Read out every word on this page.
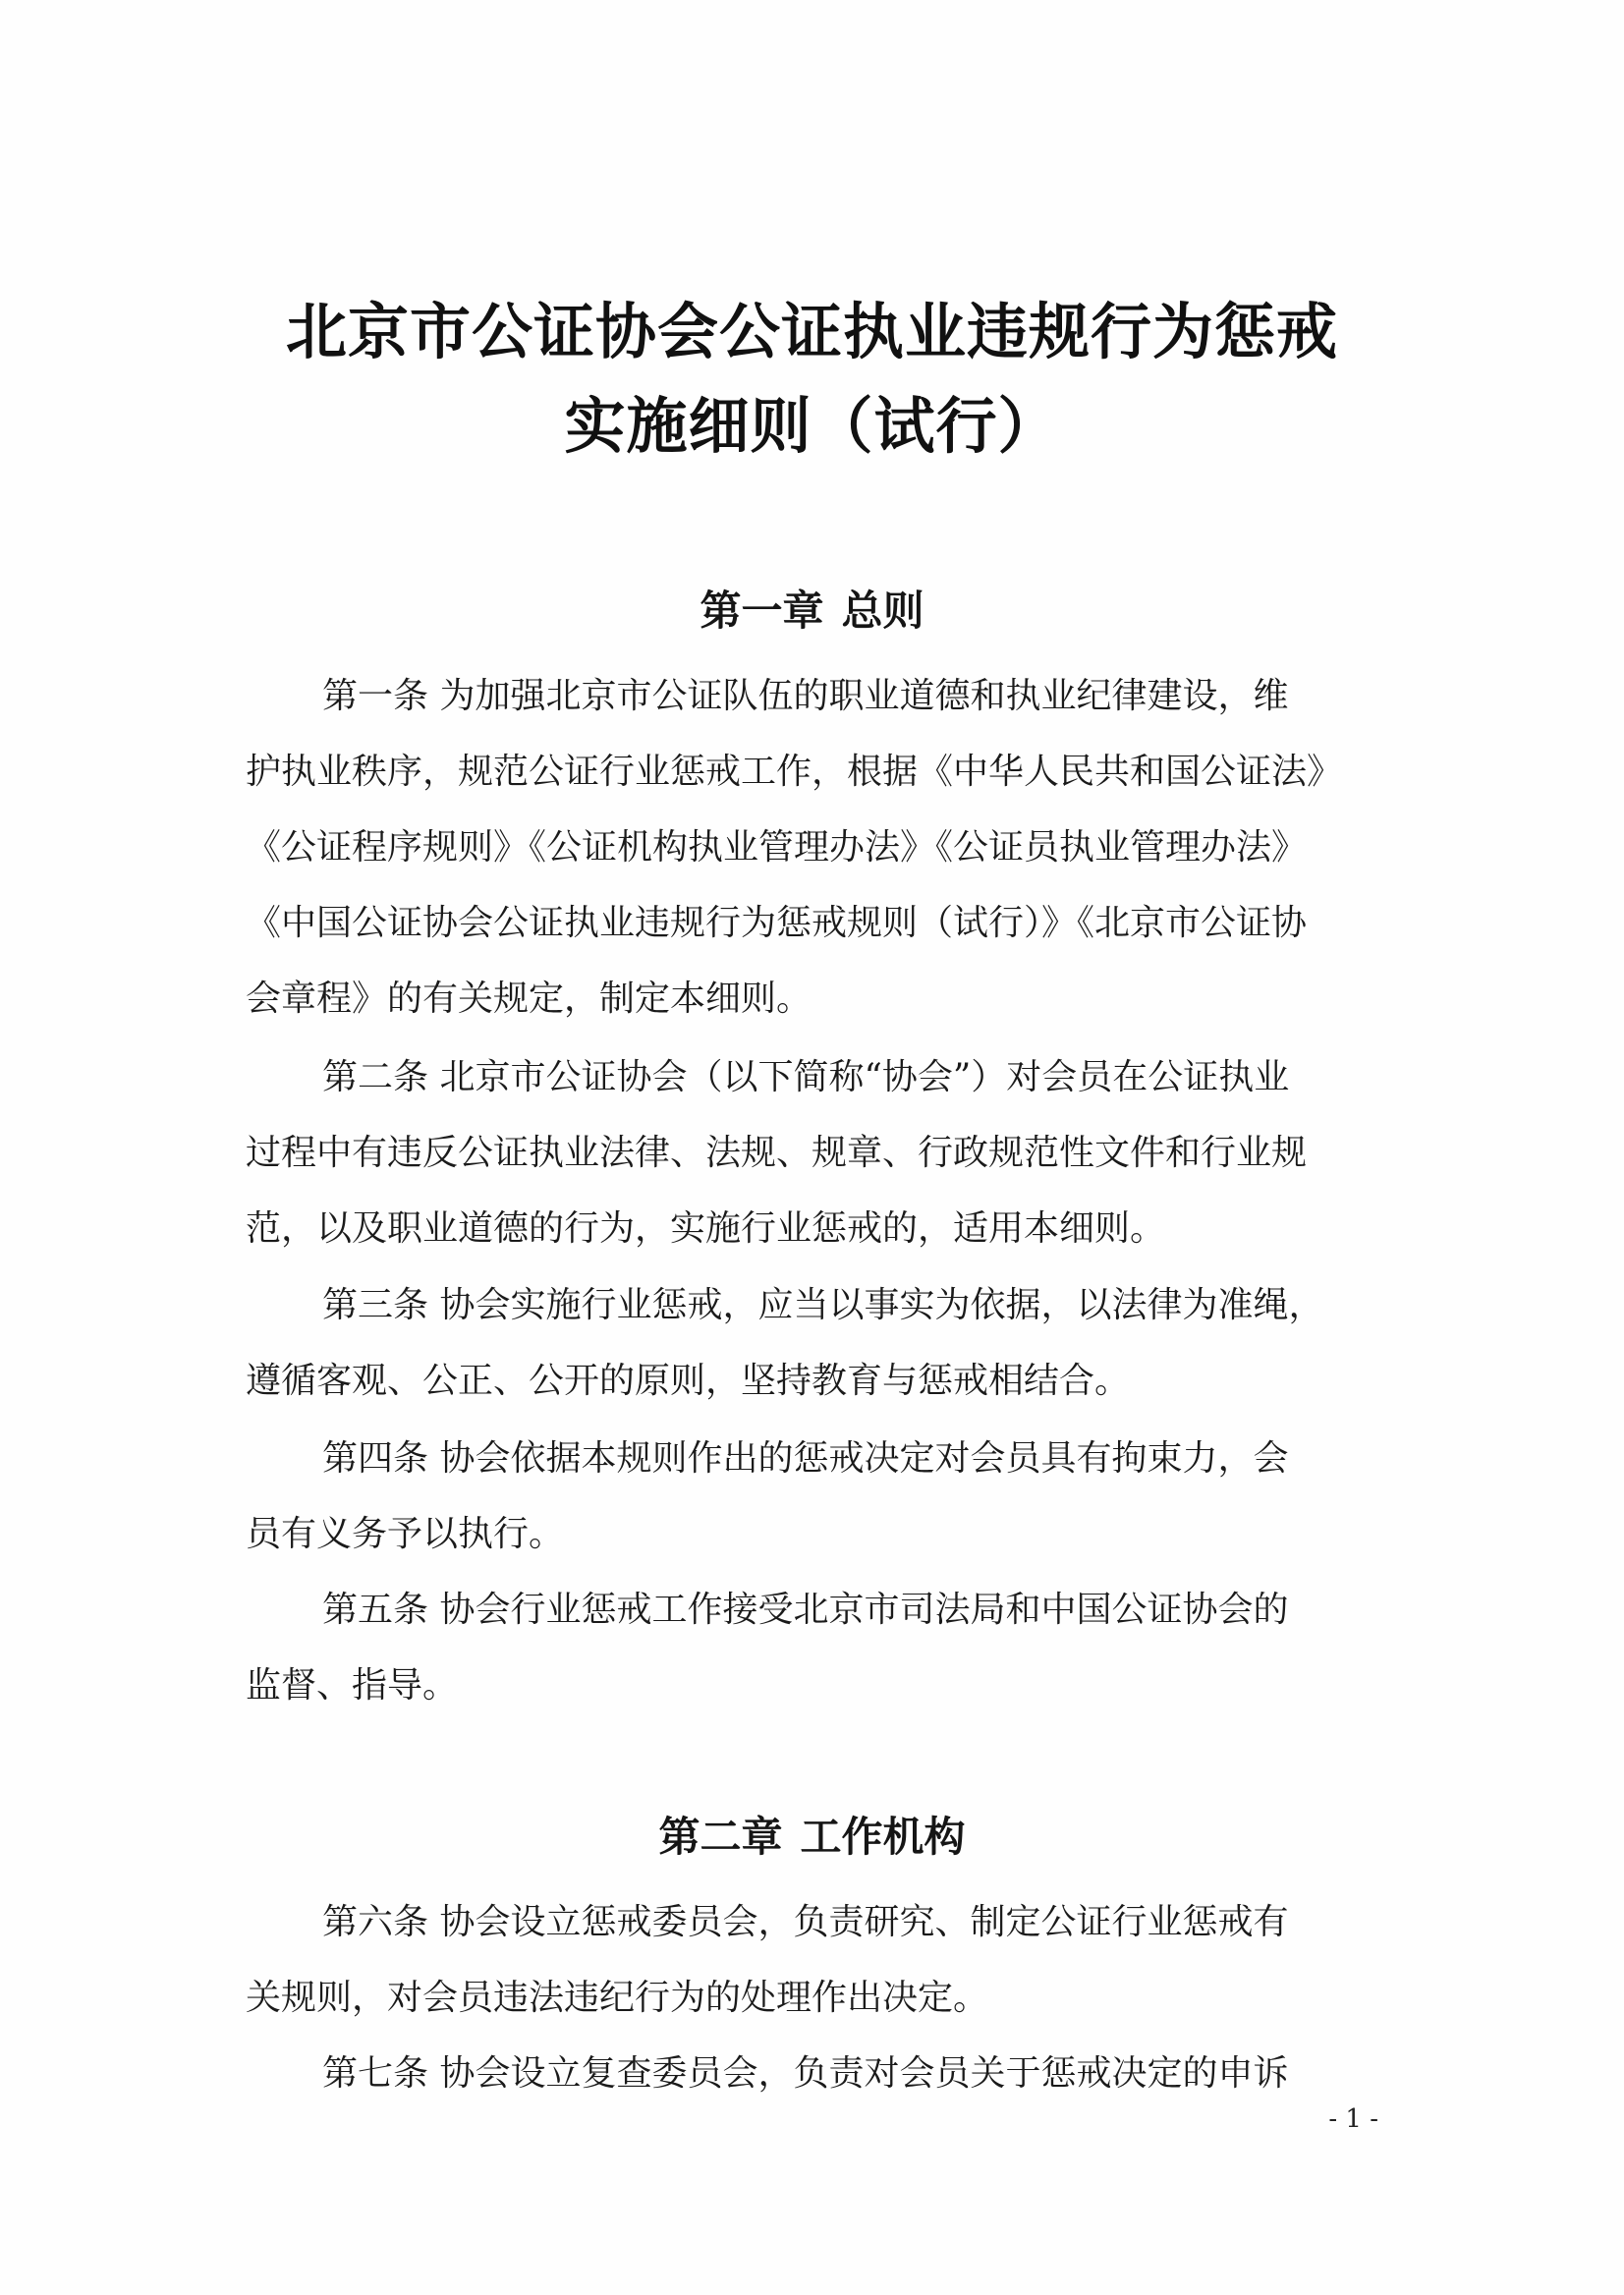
北京市公证协会公证执业违规行为惩戒
实施细则（试行）
第一章 总则
第一条 为加强北京市公证队伍的职业道德和执业纪律建设，维
护执业秩序，规范公证行业惩戒工作，根据《中华人民共和国公证法》
《公证程序规则》《公证机构执业管理办法》《公证员执业管理办法》
《中国公证协会公证执业违规行为惩戒规则（试行）》《北京市公证协
会章程》的有关规定，制定本细则。
第二条 北京市公证协会（以下简称“协会”）对会员在公证执业
过程中有违反公证执业法律、法规、规章、行政规范性文件和行业规
范，以及职业道德的行为，实施行业惩戒的，适用本细则。
第三条 协会实施行业惩戒，应当以事实为依据，以法律为准绳，
遵循客观、公正、公开的原则，坚持教育与惩戒相结合。
第四条 协会依据本规则作出的惩戒决定对会员具有拘束力，会
员有义务予以执行。
第五条 协会行业惩戒工作接受北京市司法局和中国公证协会的
监督、指导。
第二章 工作机构
第六条 协会设立惩戒委员会，负责研究、制定公证行业惩戒有
关规则，对会员违法违纪行为的处理作出决定。
第七条 协会设立复查委员会，负责对会员关于惩戒决定的申诉
- 1 -
